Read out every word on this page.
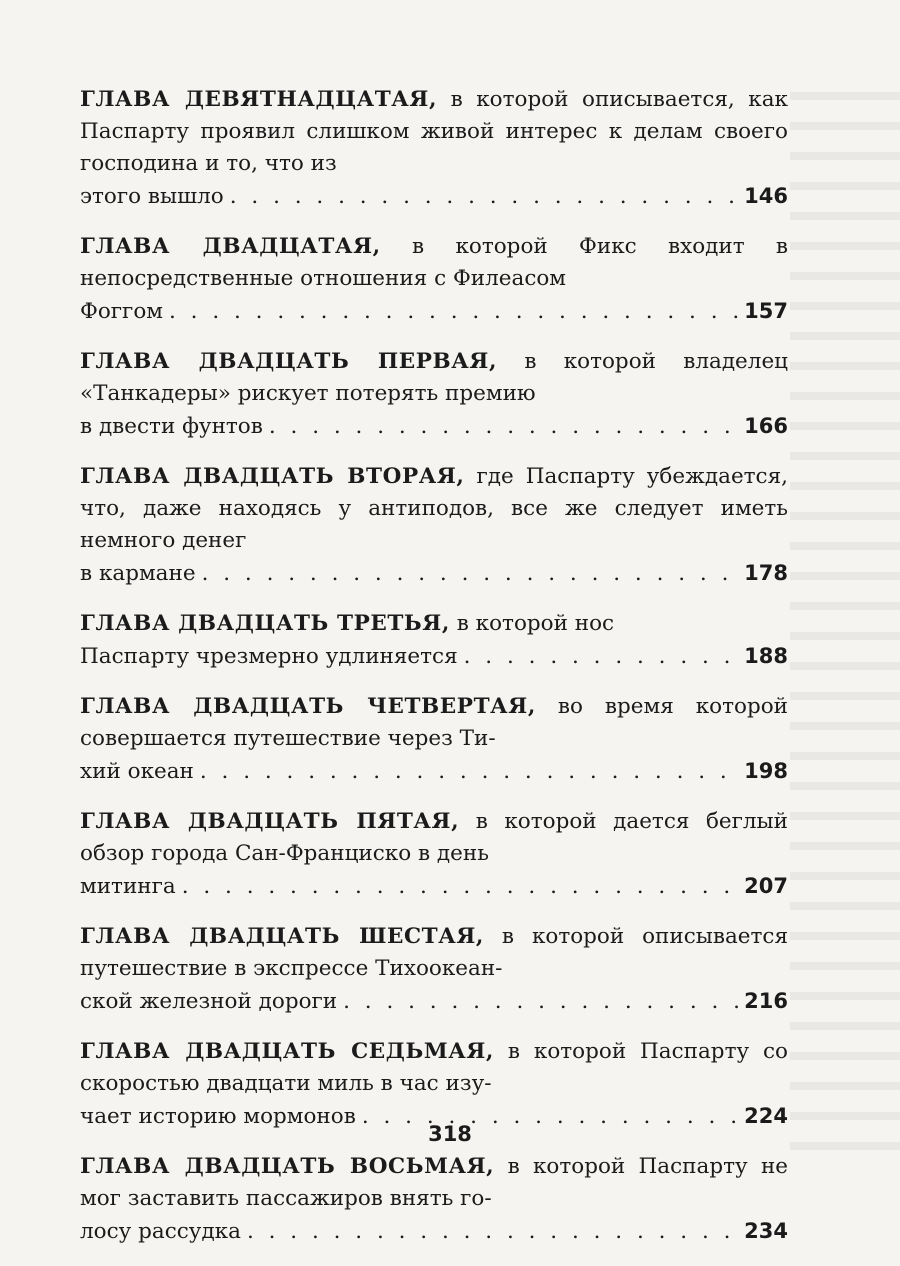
ГЛАВА ДЕВЯТНАДЦАТАЯ, в которой описывается, как Паспарту проявил слишком живой интерес к делам своего господина и то, что из
этого вышло . . .	146
ГЛАВА ДВАДЦАТАЯ, в которой Фикс входит в непосредственные отношения с Филеасом
Фоггом . . .	157
ГЛАВА ДВАДЦАТЬ ПЕРВАЯ, в которой владелец «Танкадеры» рискует потерять премию
в двести фунтов . . .	166
ГЛАВА ДВАДЦАТЬ ВТОРАЯ, где Паспарту убеждается, что, даже находясь у антиподов, все же следует иметь немного денег
в кармане . . .	178
ГЛАВА ДВАДЦАТЬ ТРЕТЬЯ, в которой нос
Паспарту чрезмерно удлиняется . . .	188
ГЛАВА ДВАДЦАТЬ ЧЕТВЕРТАЯ, во время которой совершается путешествие через Ти-
хий океан . . .	198
ГЛАВА ДВАДЦАТЬ ПЯТАЯ, в которой дается беглый обзор города Сан-Франциско в день
митинга . . .	207
ГЛАВА ДВАДЦАТЬ ШЕСТАЯ, в которой описывается путешествие в экспрессе Тихоокеан-
ской железной дороги . . .	216
ГЛАВА ДВАДЦАТЬ СЕДЬМАЯ, в которой Паспарту со скоростью двадцати миль в час изу-
чает историю мормонов . . .	224
ГЛАВА ДВАДЦАТЬ ВОСЬМАЯ, в которой Паспарту не мог заставить пассажиров внять го-
лосу рассудка . . .	234
318
